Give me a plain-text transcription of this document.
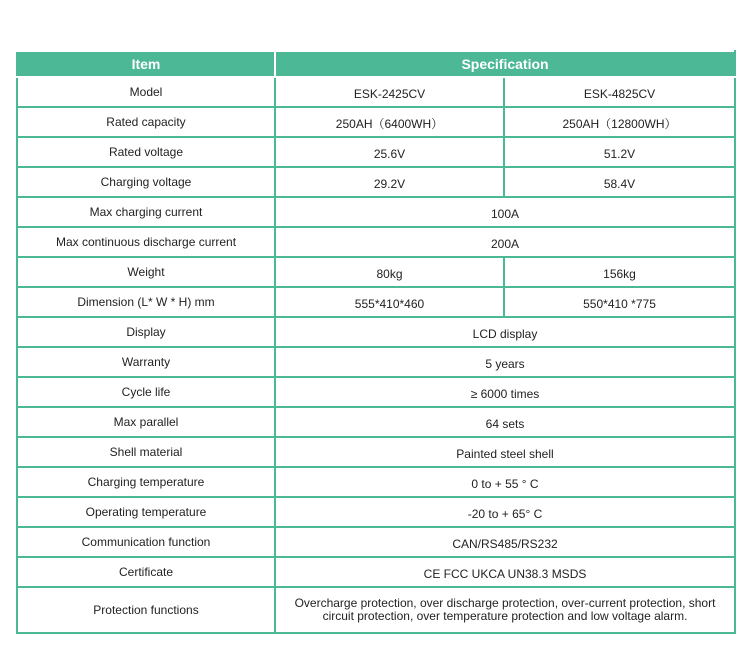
Item	Specification	
Model	ESK-2425CV	ESK-4825CV
Rated capacity	250AH（6400WH）	250AH（12800WH）
Rated voltage	25.6V	51.2V
Charging voltage	29.2V	58.4V
Max charging current	100A	
Max continuous discharge current	200A	
Weight	80kg	156kg
Dimension (L* W * H) mm	555*410*460	550*410 *775
Display	LCD display	
Warranty	5 years	
Cycle life	≥ 6000 times	
Max parallel	64 sets	
Shell material	Painted steel shell	
Charging temperature	0 to + 55 ° C	
Operating temperature	-20 to + 65° C	
Communication function	CAN/RS485/RS232	
Certificate	CE FCC UKCA UN38.3 MSDS	
Protection functions	Overcharge protection, over discharge protection, over-current protection, short circuit protection, over temperature protection and low voltage alarm.	
